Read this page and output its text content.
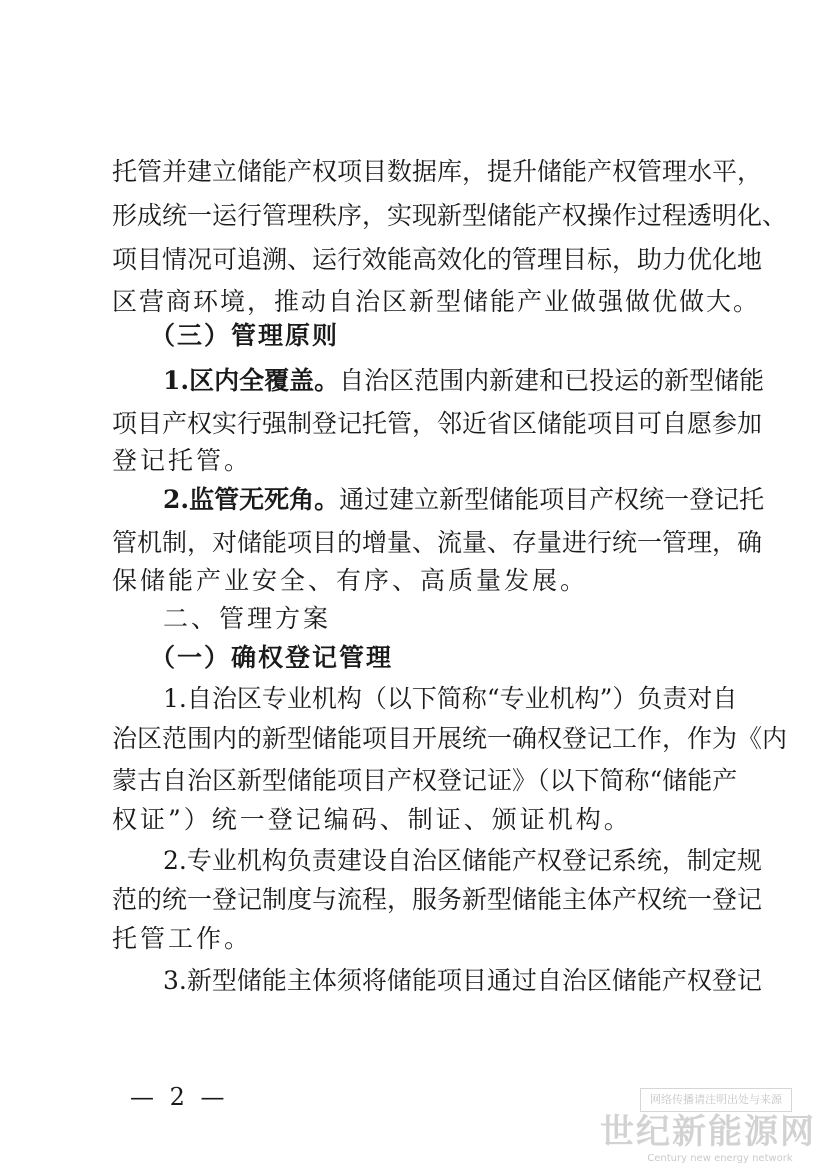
托管并建立储能产权项目数据库，提升储能产权管理水平，
形成统一运行管理秩序，实现新型储能产权操作过程透明化、
项目情况可追溯、运行效能高效化的管理目标，助力优化地
区营商环境，推动自治区新型储能产业做强做优做大。
（三）管理原则
1.区内全覆盖。自治区范围内新建和已投运的新型储能
项目产权实行强制登记托管，邻近省区储能项目可自愿参加
登记托管。
2.监管无死角。通过建立新型储能项目产权统一登记托
管机制，对储能项目的增量、流量、存量进行统一管理，确
保储能产业安全、有序、高质量发展。
二、管理方案
（一）确权登记管理
1.自治区专业机构（以下简称“专业机构”）负责对自
治区范围内的新型储能项目开展统一确权登记工作，作为《内
蒙古自治区新型储能项目产权登记证》（以下简称“储能产
权证”）统一登记编码、制证、颁证机构。
2.专业机构负责建设自治区储能产权登记系统，制定规
范的统一登记制度与流程，服务新型储能主体产权统一登记
托管工作。
3.新型储能主体须将储能项目通过自治区储能产权登记
— 2 —	网络传播请注明出处与来源
世纪新能源网
Century new energy network
